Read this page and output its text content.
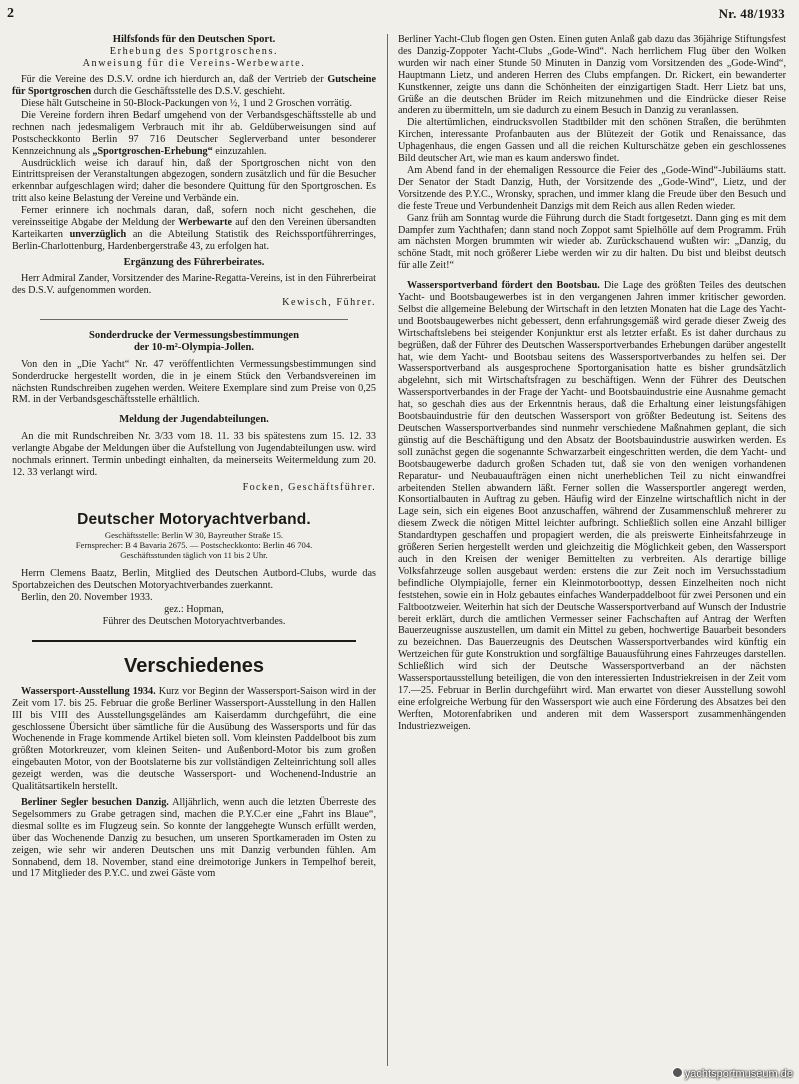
2	Nr. 48/1933
Hilfsfonds für den Deutschen Sport.

Erhebung des Sportgroschens.

Anweisung für die Vereins-Werbewarte.

Für die Vereine des D.S.V. ordne ich hierdurch an, daß der Vertrieb der Gutscheine für Sportgroschen durch die Geschäftsstelle des D.S.V. geschieht.

Diese hält Gutscheine in 50-Block-Packungen von ½, 1 und 2 Groschen vorrätig.

Die Vereine fordern ihren Bedarf umgehend von der Verbandsgeschäftsstelle ab und rechnen nach jedesmaligem Verbrauch mit ihr ab. Geldüberweisungen sind auf Postscheckkonto Berlin 97 716 Deutscher Seglerverband unter besonderer Kennzeichnung als „Sportgroschen-Erhebung“ einzuzahlen.

Ausdrücklich weise ich darauf hin, daß der Sportgroschen nicht von den Eintrittspreisen der Veranstaltungen abgezogen, sondern zusätzlich und für die Besucher erkennbar aufgeschlagen wird; daher die besondere Quittung für den Sportgroschen. Es tritt also keine Belastung der Vereine und Verbände ein.

Ferner erinnere ich nochmals daran, daß, sofern noch nicht geschehen, die vereinsseitige Abgabe der Meldung der Werbewarte auf den den Vereinen übersandten Karteikarten unverzüglich an die Abteilung Statistik des Reichssportführerringes, Berlin-Charlottenburg, Hardenbergerstraße 43, zu erfolgen hat.

Ergänzung des Führerbeirates.

Herr Admiral Zander, Vorsitzender des Marine-Regatta-Vereins, ist in den Führerbeirat des D.S.V. aufgenommen worden.

Kewisch, Führer.

Sonderdrucke der Vermessungsbestimmungen
der 10-m²-Olympia-Jollen.

Von den in „Die Yacht“ Nr. 47 veröffentlichten Vermessungsbestimmungen sind Sonderdrucke hergestellt worden, die in je einem Stück den Verbandsvereinen im nächsten Rundschreiben zugehen werden. Weitere Exemplare sind zum Preise von 0,25 RM. in der Verbandsgeschäftsstelle erhältlich.

Meldung der Jugendabteilungen.

An die mit Rundschreiben Nr. 3/33 vom 18. 11. 33 bis spätestens zum 15. 12. 33 verlangte Abgabe der Meldungen über die Aufstellung von Jugendabteilungen usw. wird nochmals erinnert. Termin unbedingt einhalten, da meinerseits Weitermeldung zum 20. 12. 33 verlangt wird.

Focken, Geschäftsführer.

Deutscher Motoryachtverband.

Geschäftsstelle: Berlin W 30, Bayreuther Straße 15.

Fernsprecher: B 4 Bavaria 2675. — Postscheckkonto: Berlin 46 704.

Geschäftsstunden täglich von 11 bis 2 Uhr.

Herrn Clemens Baatz, Berlin, Mitglied des Deutschen Autbord-Clubs, wurde das Sportabzeichen des Deutschen Motoryachtverbandes zuerkannt.

Berlin, den 20. November 1933.

gez.: Hopman,

Führer des Deutschen Motoryachtverbandes.

Verschiedenes

Wassersport-Ausstellung 1934. Kurz vor Beginn der Wassersport-Saison wird in der Zeit vom 17. bis 25. Februar die große Berliner Wassersport-Ausstellung in den Hallen III bis VIII des Ausstellungsgeländes am Kaiserdamm durchgeführt, die eine geschlossene Übersicht über sämtliche für die Ausübung des Wassersports und für das Wochenende in Frage kommende Artikel bieten soll. Vom kleinsten Paddelboot bis zum größten Motorkreuzer, vom kleinen Seiten- und Außenbord-Motor bis zum großen eingebauten Motor, von der Bootslaterne bis zur vollständigen Zelteinrichtung soll alles gezeigt werden, was die deutsche Wassersport- und Wochenend-Industrie an Qualitätsartikeln herstellt.

Berliner Segler besuchen Danzig. Alljährlich, wenn auch die letzten Überreste des Segelsommers zu Grabe getragen sind, machen die P.Y.C.er eine „Fahrt ins Blaue“, diesmal sollte es im Flugzeug sein. So konnte der langgehegte Wunsch erfüllt werden, über das Wochenende Danzig zu besuchen, um unseren Sportkameraden im Osten zu zeigen, wie sehr wir anderen Deutschen uns mit Danzig verbunden fühlen. Am Sonnabend, dem 18. November, stand eine dreimotorige Junkers in Tempelhof bereit, und 17 Mitglieder des P.Y.C. und zwei Gäste vom

Berliner Yacht-Club flogen gen Osten. Einen guten Anlaß gab dazu das 36jährige Stiftungsfest des Danzig-Zoppoter Yacht-Clubs „Gode-Wind“. Nach herrlichem Flug über den Wolken wurden wir nach einer Stunde 50 Minuten in Danzig vom Vorsitzenden des „Gode-Wind“, Hauptmann Lietz, und anderen Herren des Clubs empfangen. Dr. Rickert, ein bewanderter Kunstkenner, zeigte uns dann die Schönheiten der einzigartigen Stadt. Herr Lietz bat uns, Grüße an die deutschen Brüder im Reich mitzunehmen und die Eindrücke dieser Reise anderen zu übermitteln, um sie dadurch zu einem Besuch in Danzig zu veranlassen.

Die altertümlichen, eindrucksvollen Stadtbilder mit den schönen Straßen, die berühmten Kirchen, interessante Profanbauten aus der Blütezeit der Gotik und Renaissance, das Uphagenhaus, die engen Gassen und all die reichen Kulturschätze geben ein geschlossenes Bild deutscher Art, wie man es kaum anderswo findet.

Am Abend fand in der ehemaligen Ressource die Feier des „Gode-Wind“-Jubiläums statt. Der Senator der Stadt Danzig, Huth, der Vorsitzende des „Gode-Wind“, Lietz, und der Vorsitzende des P.Y.C., Wronsky, sprachen, und immer klang die Freude über den Besuch und die feste Treue und Verbundenheit Danzigs mit dem Reich aus allen Reden wieder.

Ganz früh am Sonntag wurde die Führung durch die Stadt fortgesetzt. Dann ging es mit dem Dampfer zum Yachthafen; dann stand noch Zoppot samt Spielhölle auf dem Programm. Früh am nächsten Morgen brummten wir wieder ab. Zurückschauend wußten wir: „Danzig, du schöne Stadt, mit noch größerer Liebe werden wir zu dir halten. Du bist und bleibst deutsch für alle Zeit!“

Wassersportverband fördert den Bootsbau. Die Lage des größten Teiles des deutschen Yacht- und Bootsbaugewerbes ist in den vergangenen Jahren immer kritischer geworden. Selbst die allgemeine Belebung der Wirtschaft in den letzten Monaten hat die Lage des Yacht- und Bootsbaugewerbes nicht gebessert, denn erfahrungsgemäß wird gerade dieser Zweig des Wirtschaftslebens bei steigender Konjunktur erst als letzter erfaßt. Es ist daher durchaus zu begrüßen, daß der Führer des Deutschen Wassersportverbandes Erhebungen darüber angestellt hat, wie dem Yacht- und Bootsbau seitens des Wassersportverbandes zu helfen sei. Der Wassersportverband als ausgesprochene Sportorganisation hatte es bisher grundsätzlich abgelehnt, sich mit Wirtschaftsfragen zu beschäftigen. Wenn der Führer des Deutschen Wassersportverbandes in der Frage der Yacht- und Bootsbauindustrie eine Ausnahme gemacht hat, so geschah dies aus der Erkenntnis heraus, daß die Erhaltung einer leistungsfähigen Bootsbauindustrie für den deutschen Wassersport von größter Bedeutung ist. Seitens des Deutschen Wassersportverbandes sind nunmehr verschiedene Maßnahmen geplant, die sich günstig auf die Beschäftigung und den Absatz der Bootsbauindustrie auswirken werden. Es soll zunächst gegen die sogenannte Schwarzarbeit eingeschritten werden, die dem Yacht- und Bootsbaugewerbe dadurch großen Schaden tut, daß sie von den wenigen vorhandenen Reparatur- und Neubauaufträgen einen nicht unerheblichen Teil zu nicht einwandfrei arbeitenden Stellen abwandern läßt. Ferner sollen die Wassersportler angeregt werden, Konsortialbauten in Auftrag zu geben. Häufig wird der Einzelne wirtschaftlich nicht in der Lage sein, sich ein eigenes Boot anzuschaffen, während der Zusammenschluß mehrerer zu diesem Zweck die nötigen Mittel leichter aufbringt. Schließlich sollen eine Anzahl billiger Standardtypen geschaffen und propagiert werden, die als preiswerte Einheitsfahrzeuge in größeren Serien hergestellt werden und gleichzeitig die Möglichkeit geben, den Wassersport auch in den Kreisen der weniger Bemittelten zu verbreiten. Als derartige billige Volksfahrzeuge sollen ausgebaut werden: erstens die zur Zeit noch im Versuchsstadium befindliche Olympiajolle, ferner ein Kleinmotorboottyp, dessen Einzelheiten noch nicht feststehen, sowie ein in Holz gebautes einfaches Wanderpaddelboot für zwei Personen und ein Faltbootzweier. Weiterhin hat sich der Deutsche Wassersportverband auf Wunsch der Industrie bereit erklärt, durch die amtlichen Vermesser seiner Fachschaften auf Antrag der Werften Bauerzeugnisse auszustellen, um damit ein Mittel zu geben, hochwertige Bauarbeit besonders zu bezeichnen. Das Bauerzeugnis des Deutschen Wassersportverbandes wird künftig ein Wertzeichen für gute Konstruktion und sorgfältige Bauausführung eines Fahrzeuges darstellen. Schließlich wird sich der Deutsche Wassersportverband an der nächsten Wassersportausstellung beteiligen, die von den interessierten Industriekreisen in der Zeit vom 17.—25. Februar in Berlin durchgeführt wird. Man erwartet von dieser Ausstellung sowohl eine erfolgreiche Werbung für den Wassersport wie auch eine Förderung des Absatzes bei den Werften, Motorenfabriken und anderen mit dem Wassersport zusammenhängenden Industriezweigen.

yachtsportmuseum.de
